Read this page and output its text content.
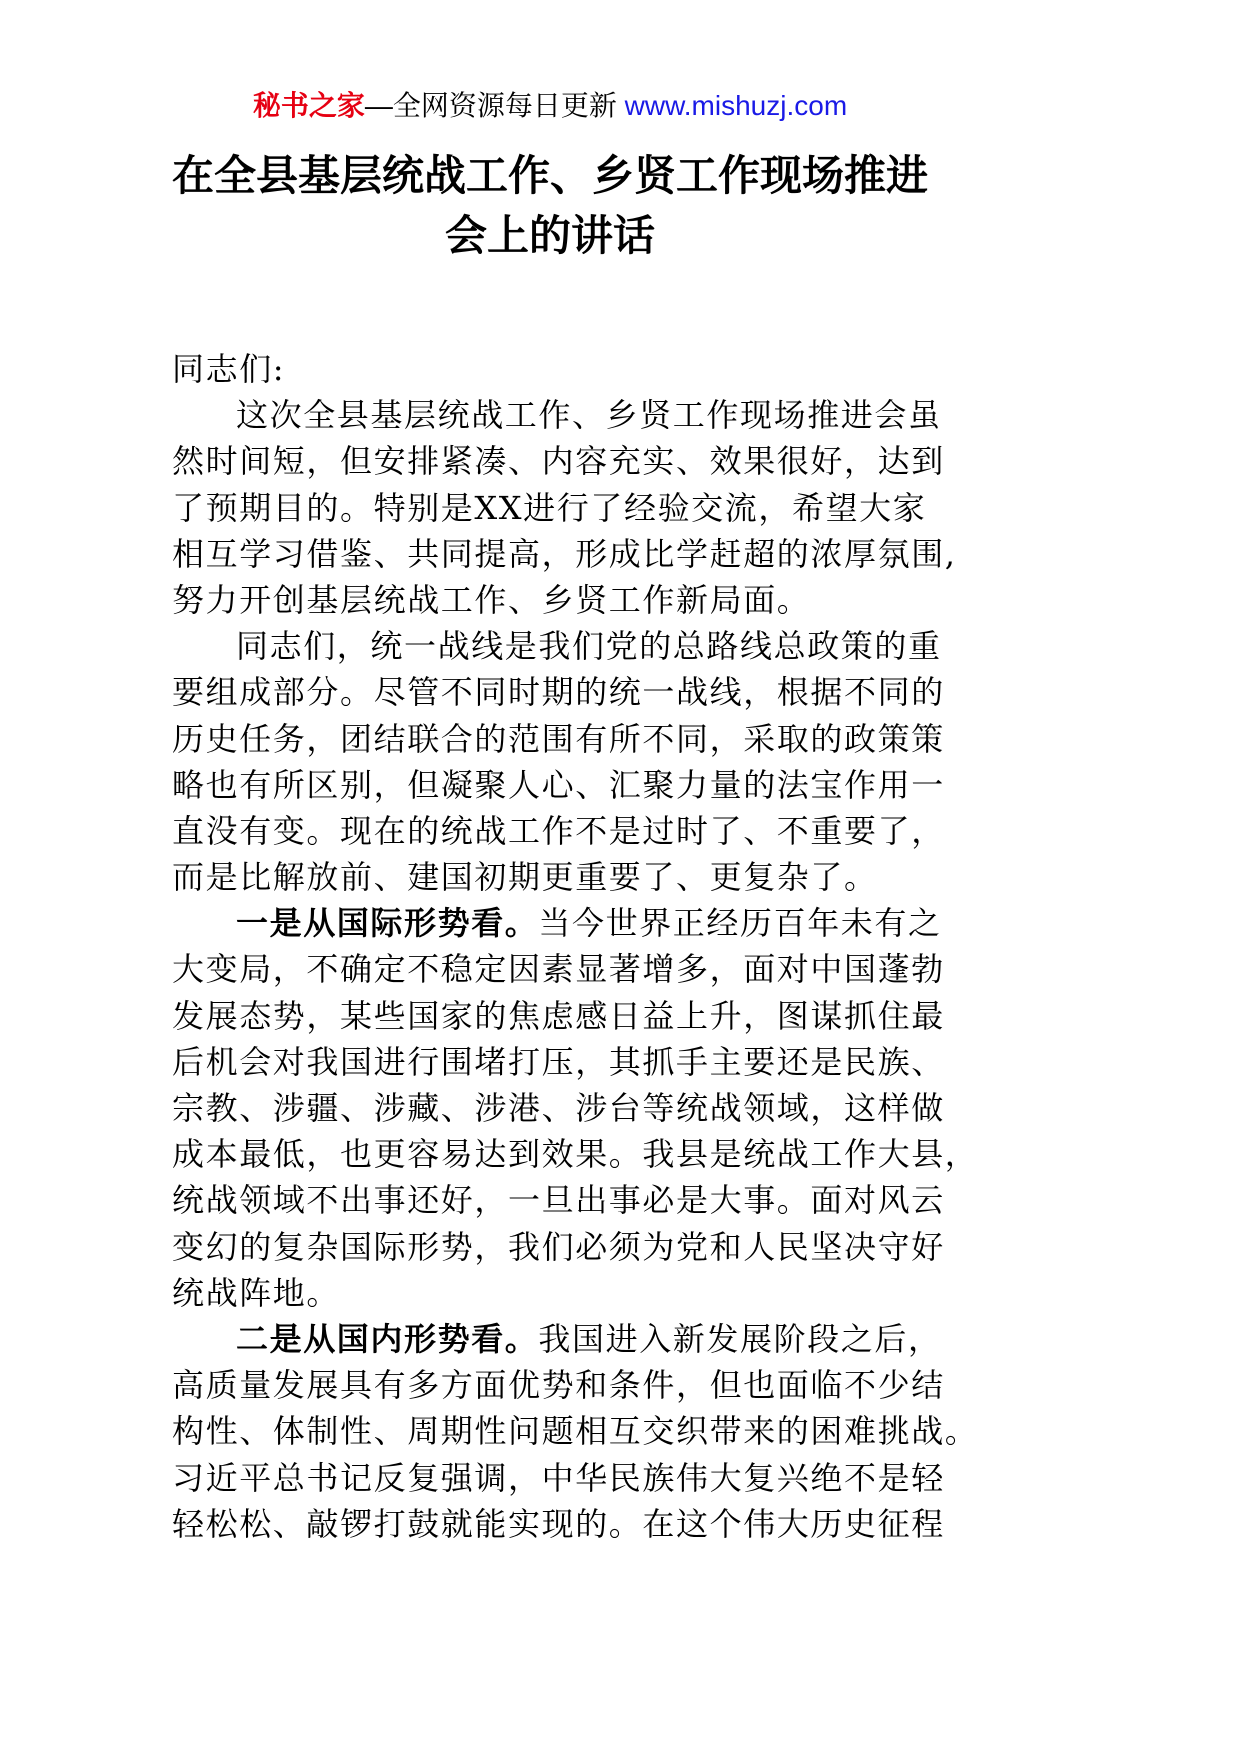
秘书之家—全网资源每日更新 www.mishuzj.com
在全县基层统战工作、乡贤工作现场推进
会上的讲话
同志们:
这次全县基层统战工作、乡贤工作现场推进会虽
然时间短，但安排紧凑、内容充实、效果很好，达到
了预期目的。特别是XX进行了经验交流，希望大家
相互学习借鉴、共同提高，形成比学赶超的浓厚氛围,
努力开创基层统战工作、乡贤工作新局面。
同志们，统一战线是我们党的总路线总政策的重
要组成部分。尽管不同时期的统一战线，根据不同的
历史任务，团结联合的范围有所不同，采取的政策策
略也有所区别，但凝聚人心、汇聚力量的法宝作用一
直没有变。现在的统战工作不是过时了、不重要了，
而是比解放前、建国初期更重要了、更复杂了。
一是从国际形势看。当今世界正经历百年未有之
大变局，不确定不稳定因素显著增多，面对中国蓬勃
发展态势，某些国家的焦虑感日益上升，图谋抓住最
后机会对我国进行围堵打压，其抓手主要还是民族、
宗教、涉疆、涉藏、涉港、涉台等统战领域，这样做
成本最低，也更容易达到效果。我县是统战工作大县，
统战领域不出事还好，一旦出事必是大事。面对风云
变幻的复杂国际形势，我们必须为党和人民坚决守好
统战阵地。
二是从国内形势看。我国进入新发展阶段之后，
高质量发展具有多方面优势和条件，但也面临不少结
构性、体制性、周期性问题相互交织带来的困难挑战。
习近平总书记反复强调，中华民族伟大复兴绝不是轻
轻松松、敲锣打鼓就能实现的。在这个伟大历史征程
